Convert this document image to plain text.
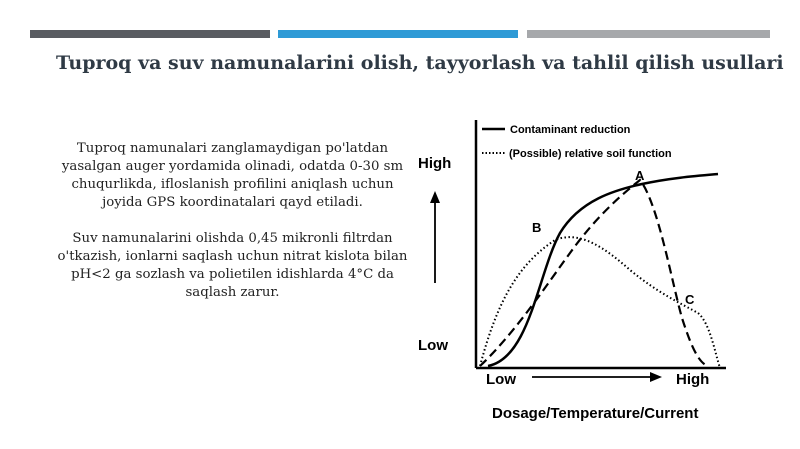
Tuproq va suv namunalarini olish, tayyorlash va tahlil qilish usullari

Tuproq namunalari zanglamaydigan po'latdan yasalgan auger yordamida olinadi, odatda 0-30 sm chuqurlikda, ifloslanish profilini aniqlash uchun joyida GPS koordinatalari qayd etiladi.

Suv namunalarini olishda 0,45 mikronli filtrdan o'tkazish, ionlarni saqlash uchun nitrat kislota bilan pH<2 ga sozlash va polietilen idishlarda 4°C da saqlash zarur.

Contaminant reduction
(Possible) relative soil function
A
B
C
High
Low
Low	High
Dosage/Temperature/Current
